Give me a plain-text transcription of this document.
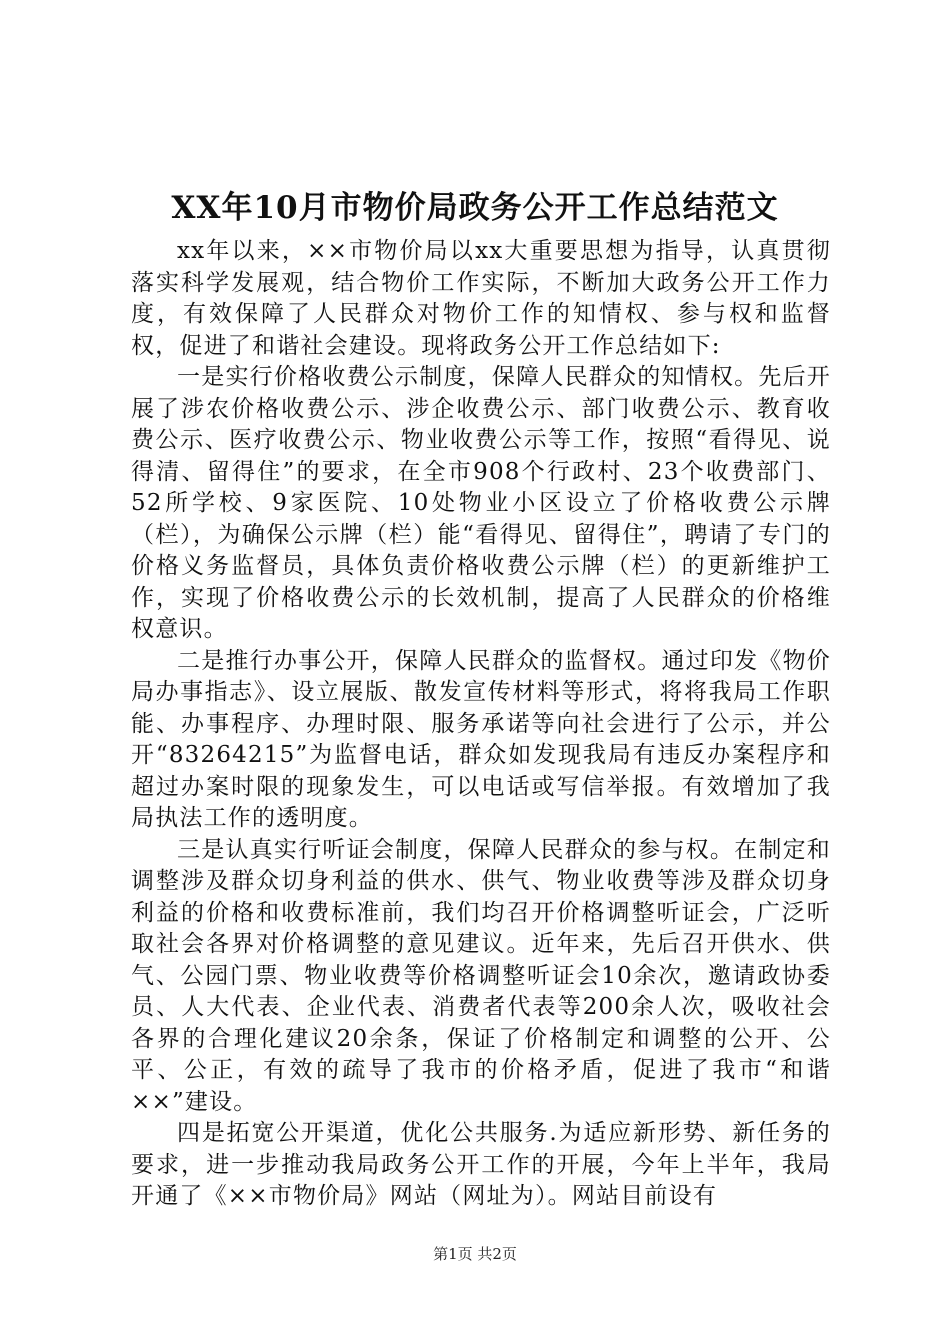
XX年10月市物价局政务公开工作总结范文

xx年以来，××市物价局以xx大重要思想为指导，认真贯彻落实科学发展观，结合物价工作实际，不断加大政务公开工作力度，有效保障了人民群众对物价工作的知情权、参与权和监督权，促进了和谐社会建设。现将政务公开工作总结如下:

一是实行价格收费公示制度，保障人民群众的知情权。先后开展了涉农价格收费公示、涉企收费公示、部门收费公示、教育收费公示、医疗收费公示、物业收费公示等工作，按照“看得见、说得清、留得住”的要求，在全市908个行政村、23个收费部门、52所学校、9家医院、10处物业小区设立了价格收费公示牌（栏），为确保公示牌（栏）能“看得见、留得住”，聘请了专门的价格义务监督员，具体负责价格收费公示牌（栏）的更新维护工作，实现了价格收费公示的长效机制，提高了人民群众的价格维权意识。

二是推行办事公开，保障人民群众的监督权。通过印发《物价局办事指志》、设立展版、散发宣传材料等形式，将将我局工作职能、办事程序、办理时限、服务承诺等向社会进行了公示，并公开“83264215”为监督电话，群众如发现我局有违反办案程序和超过办案时限的现象发生，可以电话或写信举报。有效增加了我局执法工作的透明度。

三是认真实行听证会制度，保障人民群众的参与权。在制定和调整涉及群众切身利益的供水、供气、物业收费等涉及群众切身利益的价格和收费标准前，我们均召开价格调整听证会，广泛听取社会各界对价格调整的意见建议。近年来，先后召开供水、供气、公园门票、物业收费等价格调整听证会10余次，邀请政协委员、人大代表、企业代表、消费者代表等200余人次，吸收社会各界的合理化建议20余条，保证了价格制定和调整的公开、公平、公正，有效的疏导了我市的价格矛盾，促进了我市“和谐××”建设。

四是拓宽公开渠道，优化公共服务.为适应新形势、新任务的要求，进一步推动我局政务公开工作的开展，今年上半年，我局开通了《××市物价局》网站（网址为）。网站目前设有

第1页 共2页
